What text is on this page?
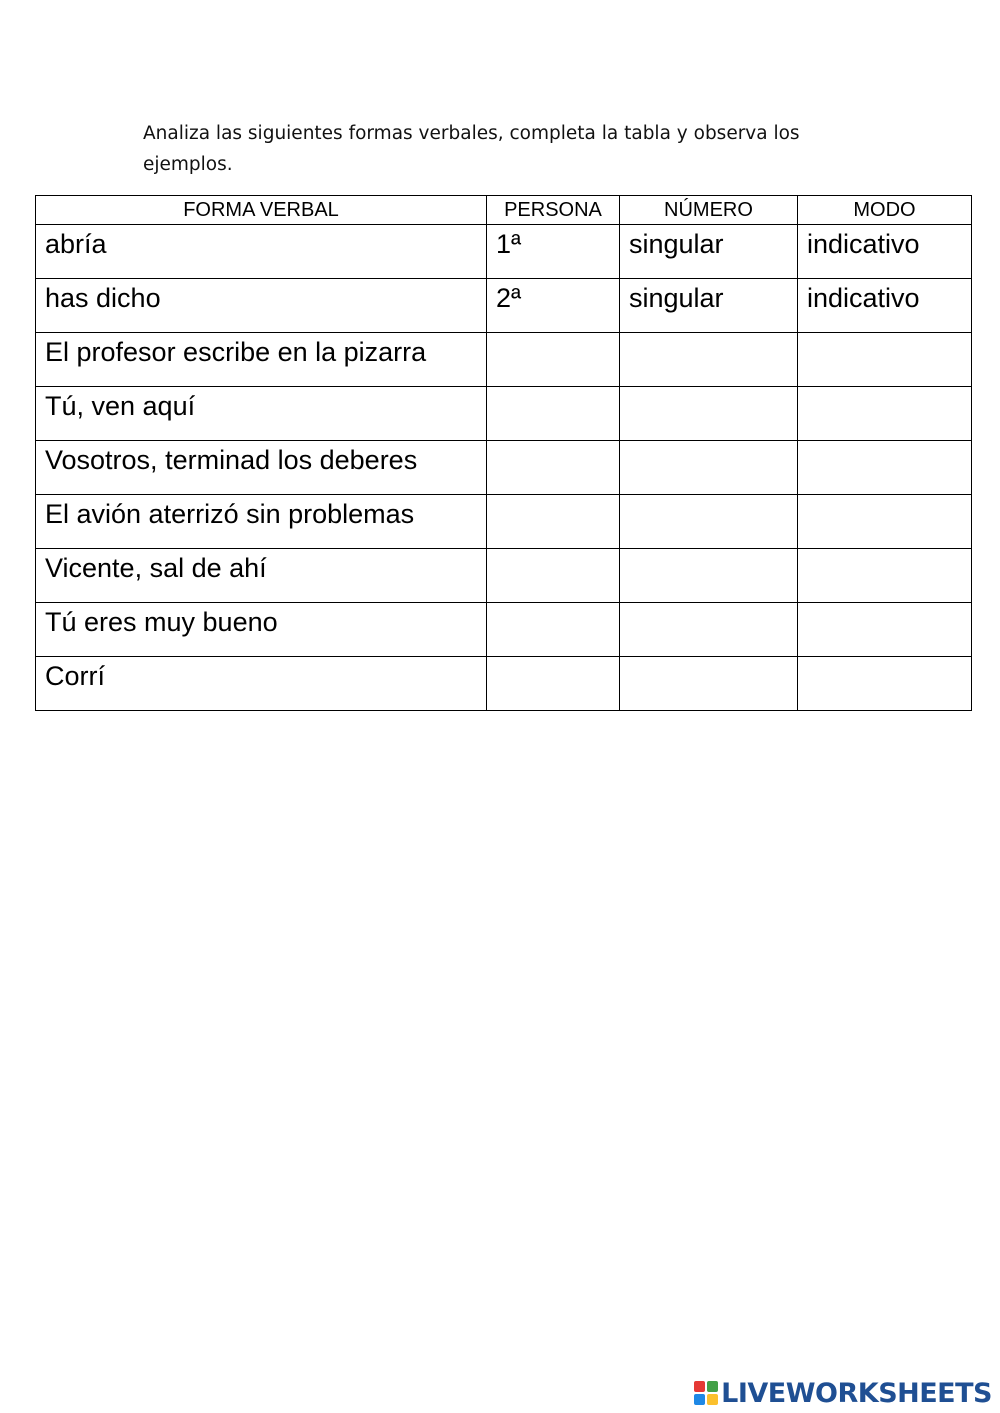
Analiza las siguientes formas verbales, completa la tabla y observa los ejemplos.
FORMA VERBAL	PERSONA	NÚMERO	MODO
abría	1ª	singular	indicativo
has dicho	2ª	singular	indicativo
El profesor escribe en la pizarra			
Tú, ven aquí			
Vosotros, terminad los deberes			
El avión aterrizó sin problemas			
Vicente, sal de ahí			
Tú eres muy bueno			
Corrí			
LIVEWORKSHEETS
